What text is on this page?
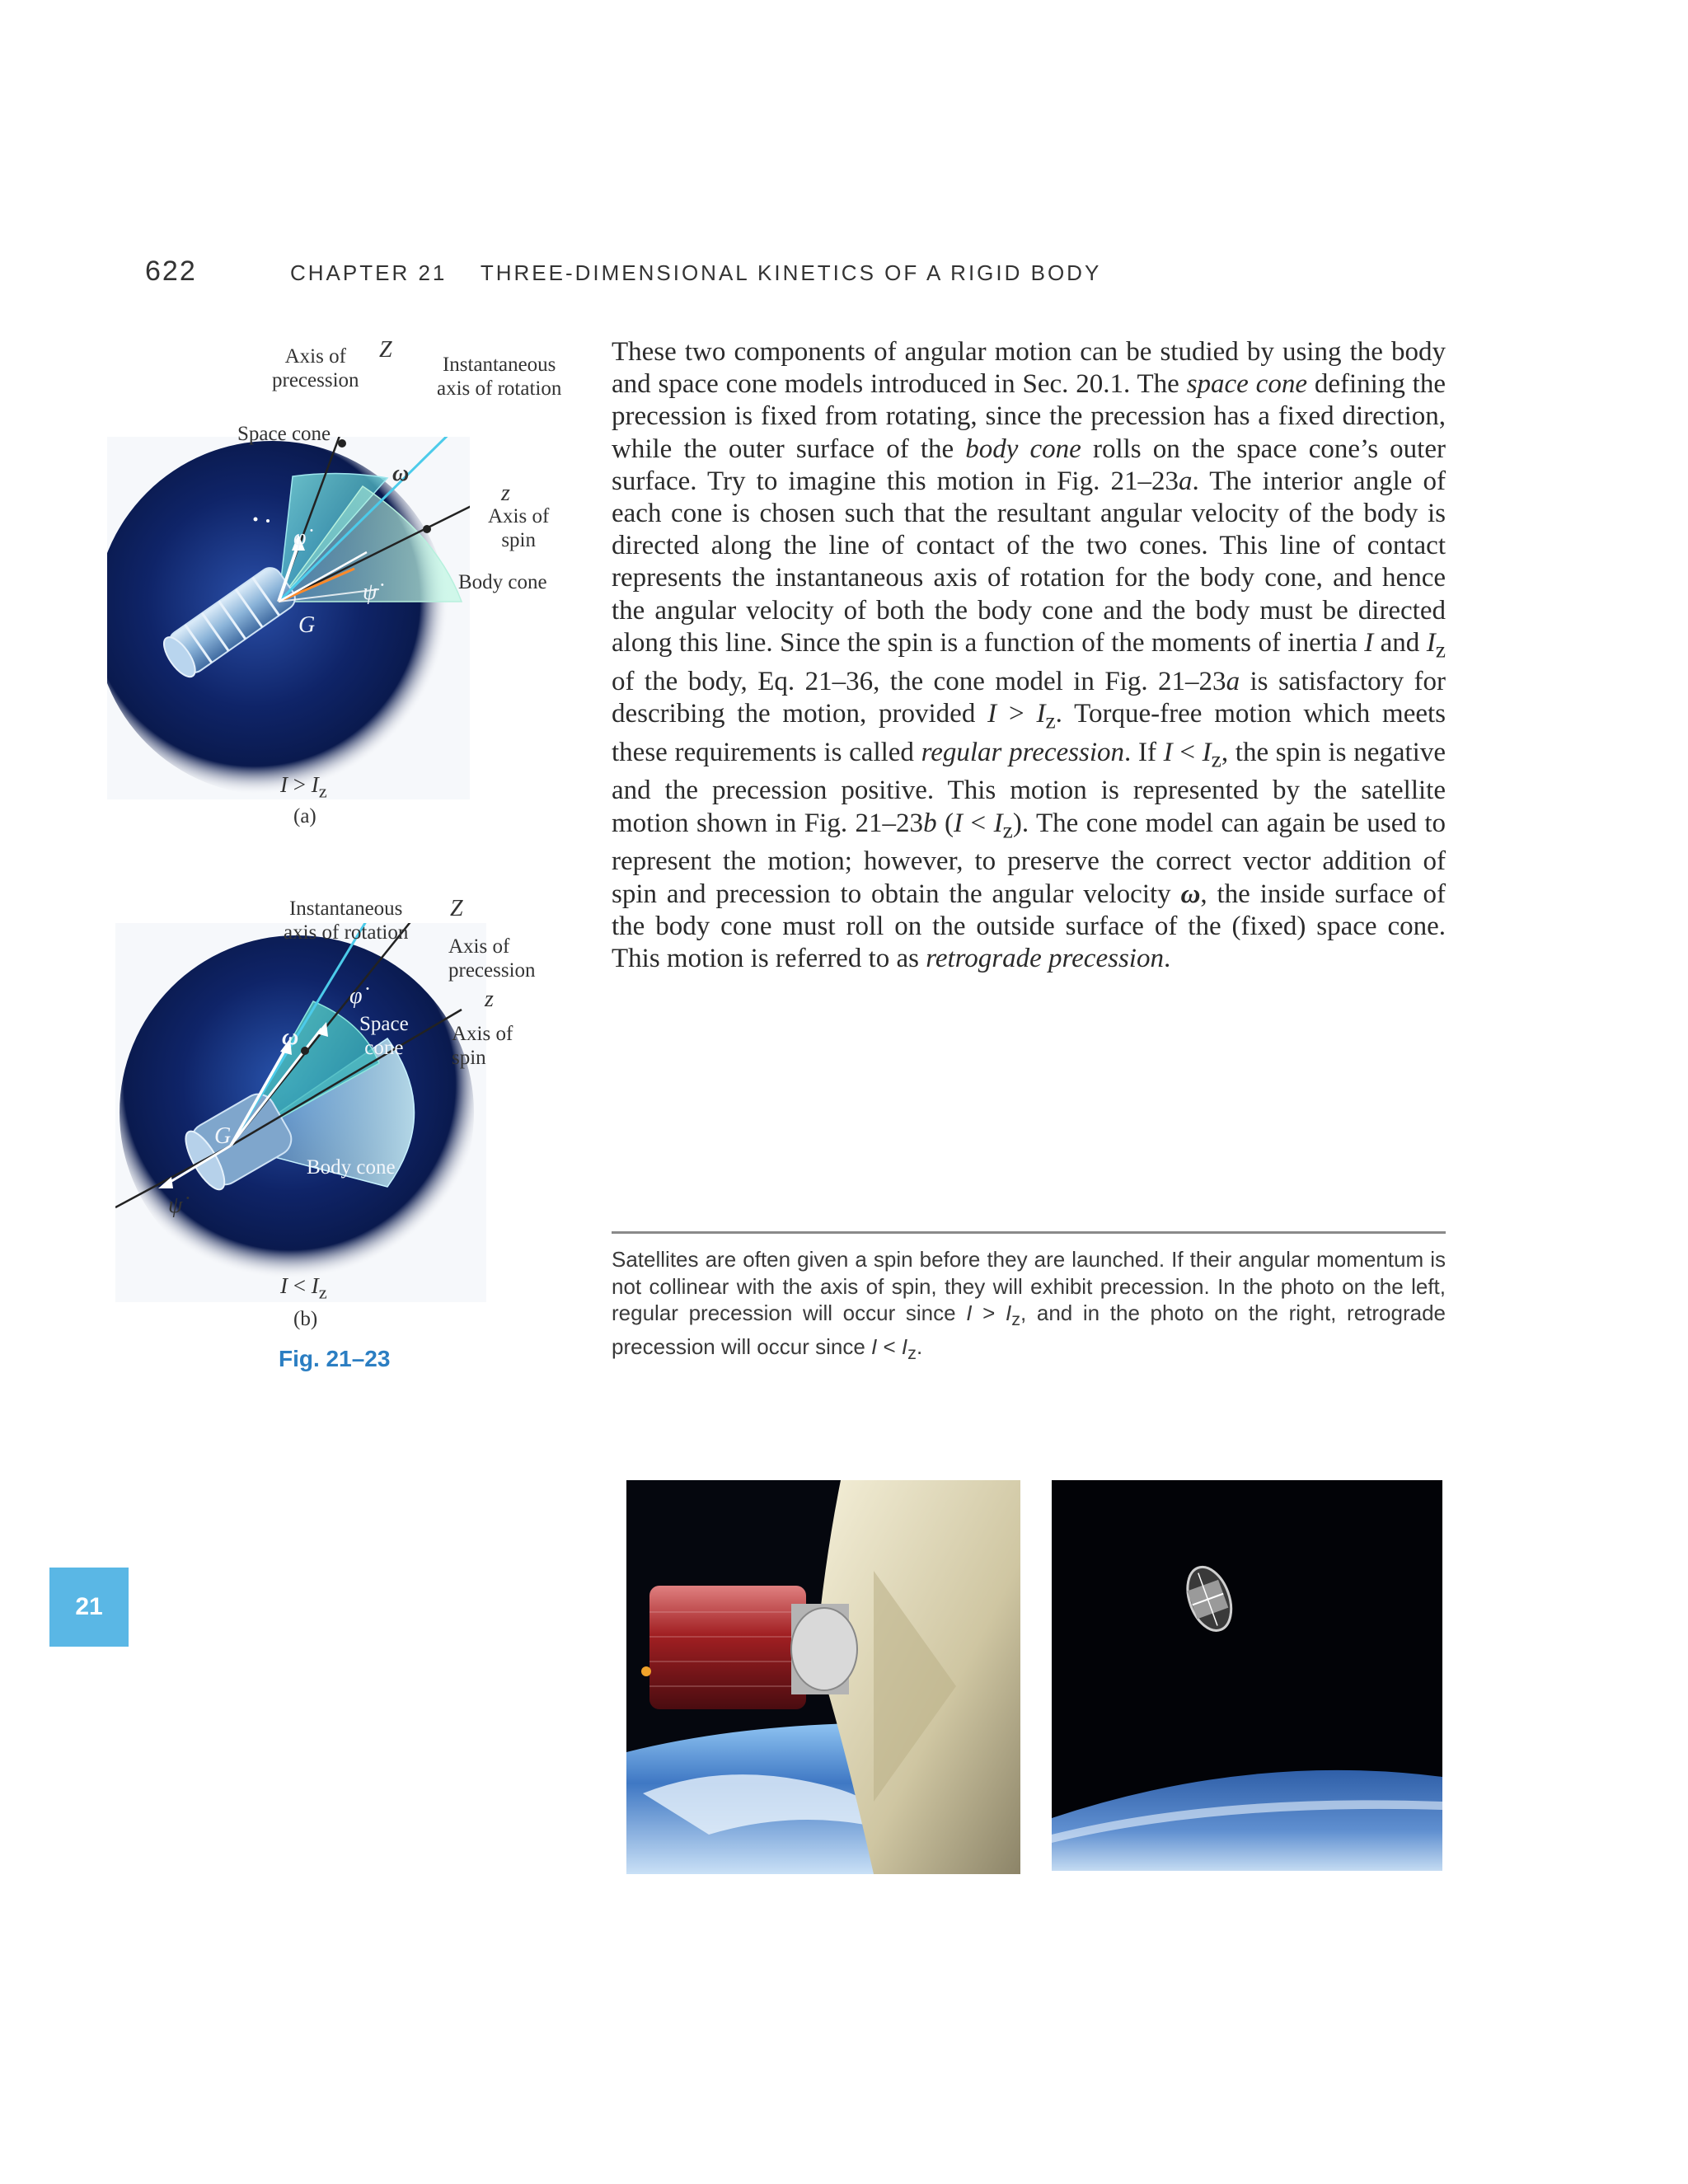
622	CHAPTER 21 THREE-DIMENSIONAL KINETICS OF A RIGID BODY

These two components of angular motion can be studied by using the body and space cone models introduced in Sec. 20.1. The space cone defining the precession is fixed from rotating, since the precession has a fixed direction, while the outer surface of the body cone rolls on the space cone’s outer surface. Try to imagine this motion in Fig. 21–23a. The interior angle of each cone is chosen such that the resultant angular velocity of the body is directed along the line of contact of the two cones. This line of contact represents the instantaneous axis of rotation for the body cone, and hence the angular velocity of both the body cone and the body must be directed along this line. Since the spin is a function of the moments of inertia I and $I_z$ of the body, Eq. 21–36, the cone model in Fig. 21–23a is satisfactory for describing the motion, provided $I > I_z$. Torque-free motion which meets these requirements is called regular precession. If $I < I_z$, the spin is negative and the precession positive. This motion is represented by the satellite motion shown in Fig. 21–23b $(I < I_z)$. The cone model can again be used to represent the motion; however, to preserve the correct vector addition of spin and precession to obtain the angular velocity ω, the inside surface of the body cone must roll on the outside surface of the (fixed) space cone. This motion is referred to as retrograde precession.

Satellites are often given a spin before they are launched. If their angular momentum is not collinear with the axis of spin, they will exhibit precession. In the photo on the left, regular precession will occur since $I > I_z$, and in the photo on the right, retrograde precession will occur since $I < I_z$.

Axis of
precession
Z
Instantaneous
axis of rotation
Space cone
ω
z
Axis of
spin
Body cone
φ̇
ψ̇
G
$I > I_z$
(a)
Instantaneous
axis of rotation
Z
Axis of
precession
φ̇
ω
Space
cone
z
Axis of
spin
G
Body cone
ψ̇
$I < I_z$
(b)
Fig. 21–23
21
